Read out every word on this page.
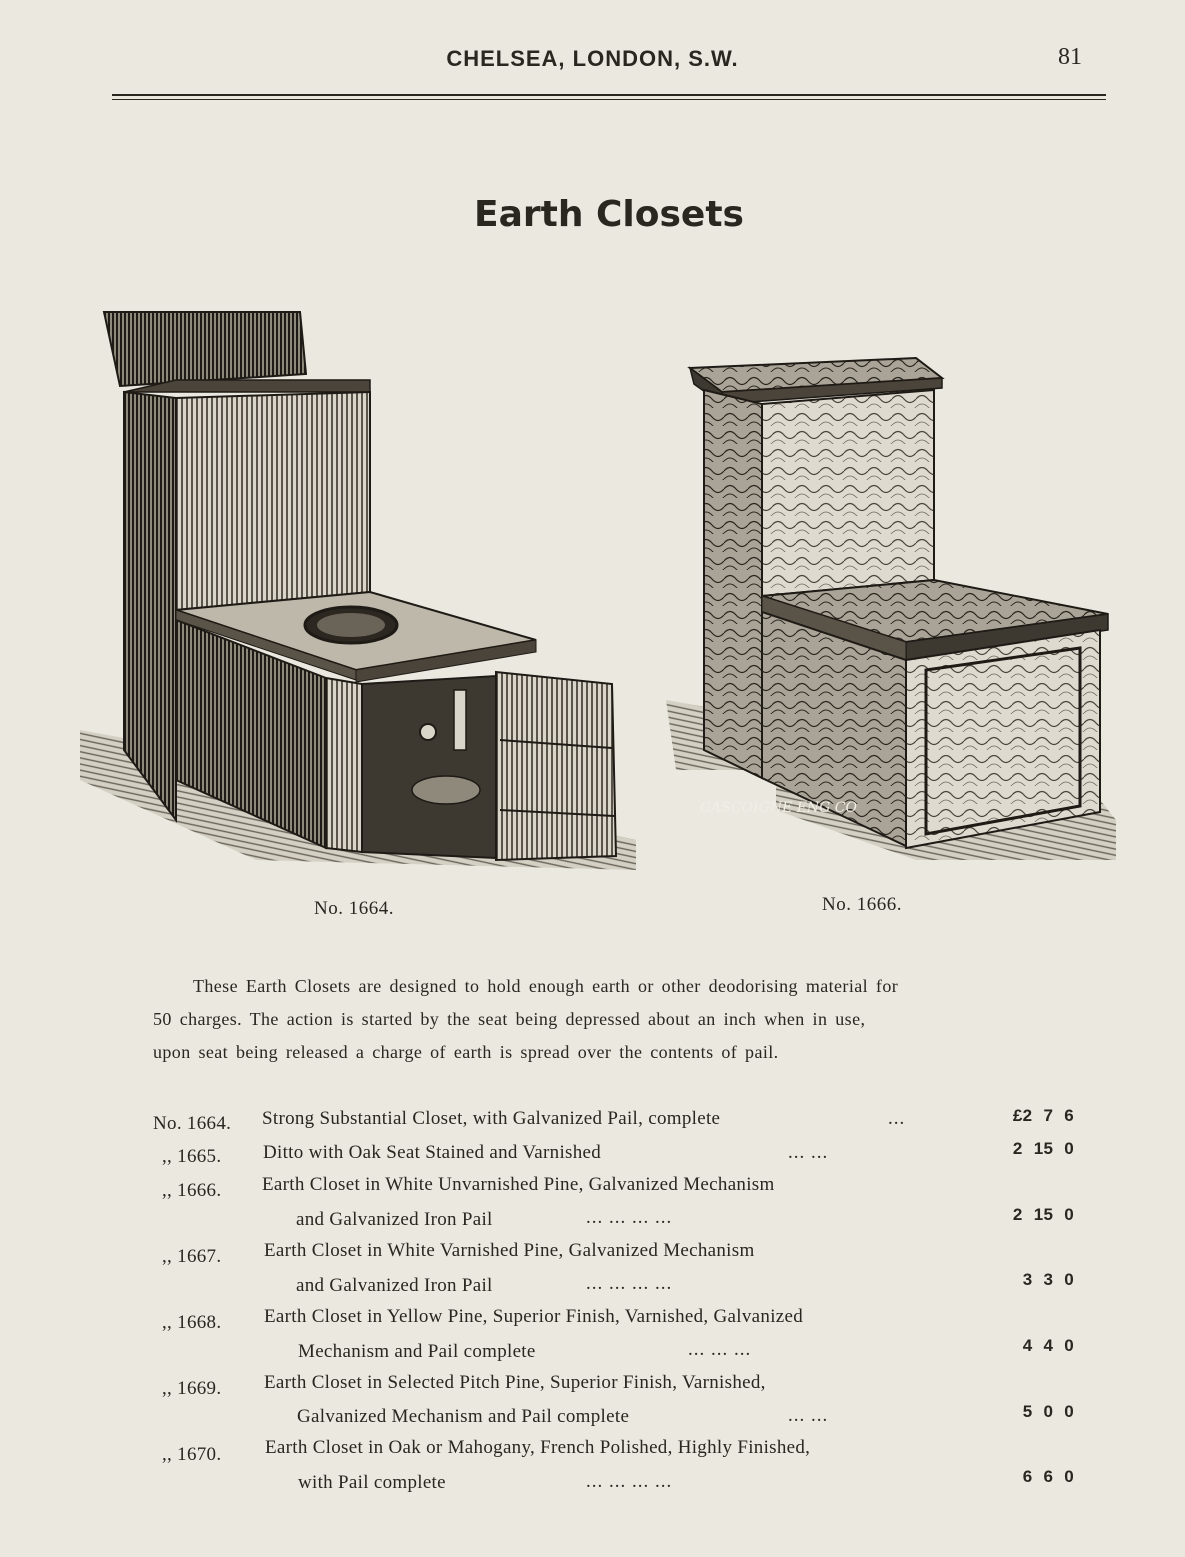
CHELSEA, LONDON, S.W.	81
Earth Closets
GASCOIGNE ENG CO
No. 1664.	No. 1666.
These Earth Closets are designed to hold enough earth or other deodorising material for
50 charges. The action is started by the seat being depressed about an inch when in use,
upon seat being released a charge of earth is spread over the contents of pail.
No. 1664. Strong Substantial Closet, with Galvanized Pail, complete	...	£2 7 6
,, 1665. Ditto with Oak Seat Stained and Varnished	... ...	2 15 0
,, 1666. Earth Closet in White Unvarnished Pine, Galvanized Mechanism
and Galvanized Iron Pail	... ... ... ...	2 15 0
,, 1667. Earth Closet in White Varnished Pine, Galvanized Mechanism
and Galvanized Iron Pail	... ... ... ...	3 3 0
,, 1668. Earth Closet in Yellow Pine, Superior Finish, Varnished, Galvanized
Mechanism and Pail complete	... ... ...	4 4 0
,, 1669. Earth Closet in Selected Pitch Pine, Superior Finish, Varnished,
Galvanized Mechanism and Pail complete	... ...	5 0 0
,, 1670. Earth Closet in Oak or Mahogany, French Polished, Highly Finished,
with Pail complete	... ... ... ...	6 6 0
